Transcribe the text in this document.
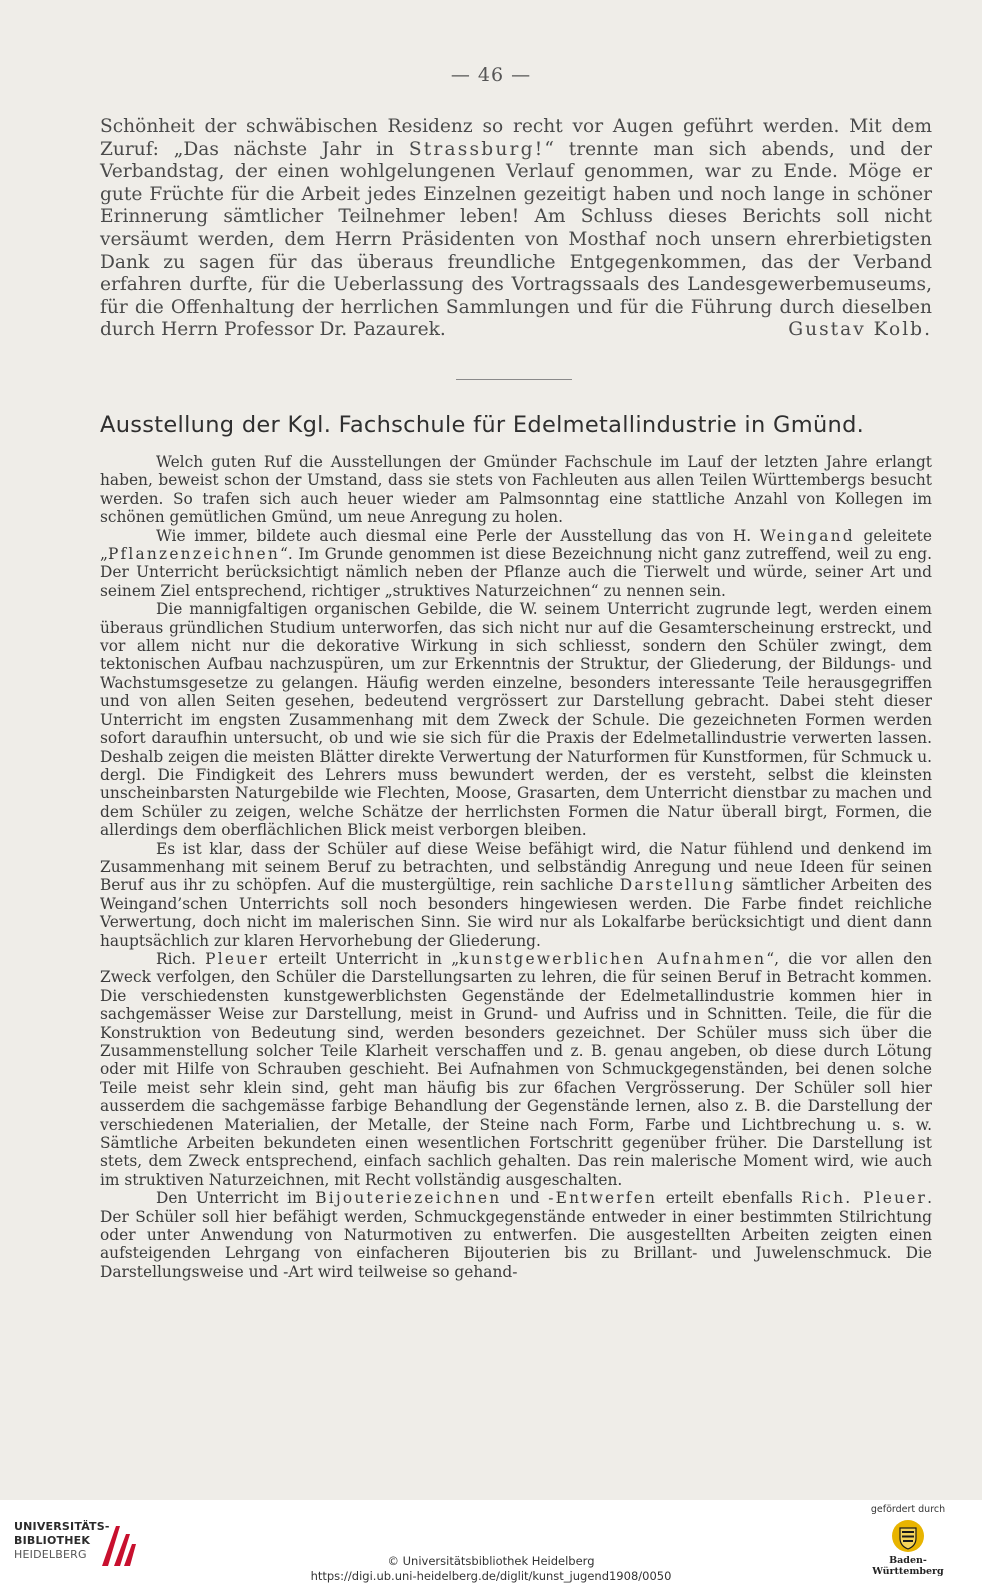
— 46 —

Schönheit der schwäbischen Residenz so recht vor Augen geführt werden. Mit dem Zuruf: „Das nächste Jahr in Strassburg!“ trennte man sich abends, und der Verbandstag, der einen wohlgelungenen Verlauf genommen, war zu Ende. Möge er gute Früchte für die Arbeit jedes Einzelnen gezeitigt haben und noch lange in schöner Erinnerung sämtlicher Teilnehmer leben! Am Schluss dieses Berichts soll nicht versäumt werden, dem Herrn Präsidenten von Mosthaf noch unsern ehrerbietigsten Dank zu sagen für das überaus freundliche Entgegenkommen, das der Verband erfahren durfte, für die Ueberlassung des Vortragssaals des Landesgewerbemuseums, für die Offenhaltung der herrlichen Sammlungen und für die Führung durch dieselben durch Herrn Professor Dr. Pazaurek.	Gustav Kolb.

Ausstellung der Kgl. Fachschule für Edelmetallindustrie in Gmünd.

Welch guten Ruf die Ausstellungen der Gmünder Fachschule im Lauf der letzten Jahre erlangt haben, beweist schon der Umstand, dass sie stets von Fachleuten aus allen Teilen Württembergs besucht werden. So trafen sich auch heuer wieder am Palmsonntag eine stattliche Anzahl von Kollegen im schönen gemütlichen Gmünd, um neue Anregung zu holen.

Wie immer, bildete auch diesmal eine Perle der Ausstellung das von H. Weingand geleitete „Pflanzenzeichnen“. Im Grunde genommen ist diese Bezeichnung nicht ganz zutreffend, weil zu eng. Der Unterricht berücksichtigt nämlich neben der Pflanze auch die Tierwelt und würde, seiner Art und seinem Ziel entsprechend, richtiger „struktives Naturzeichnen“ zu nennen sein.

Die mannigfaltigen organischen Gebilde, die W. seinem Unterricht zugrunde legt, werden einem überaus gründlichen Studium unterworfen, das sich nicht nur auf die Gesamterscheinung erstreckt, und vor allem nicht nur die dekorative Wirkung in sich schliesst, sondern den Schüler zwingt, dem tektonischen Aufbau nachzuspüren, um zur Erkenntnis der Struktur, der Gliederung, der Bildungs- und Wachstumsgesetze zu gelangen. Häufig werden einzelne, besonders interessante Teile herausgegriffen und von allen Seiten gesehen, bedeutend vergrössert zur Darstellung gebracht. Dabei steht dieser Unterricht im engsten Zusammenhang mit dem Zweck der Schule. Die gezeichneten Formen werden sofort daraufhin untersucht, ob und wie sie sich für die Praxis der Edelmetallindustrie verwerten lassen. Deshalb zeigen die meisten Blätter direkte Verwertung der Naturformen für Kunstformen, für Schmuck u. dergl. Die Findigkeit des Lehrers muss bewundert werden, der es versteht, selbst die kleinsten unscheinbarsten Naturgebilde wie Flechten, Moose, Grasarten, dem Unterricht dienstbar zu machen und dem Schüler zu zeigen, welche Schätze der herrlichsten Formen die Natur überall birgt, Formen, die allerdings dem oberflächlichen Blick meist verborgen bleiben.

Es ist klar, dass der Schüler auf diese Weise befähigt wird, die Natur fühlend und denkend im Zusammenhang mit seinem Beruf zu betrachten, und selbständig Anregung und neue Ideen für seinen Beruf aus ihr zu schöpfen. Auf die mustergültige, rein sachliche Darstellung sämtlicher Arbeiten des Weingand’schen Unterrichts soll noch besonders hingewiesen werden. Die Farbe findet reichliche Verwertung, doch nicht im malerischen Sinn. Sie wird nur als Lokalfarbe berücksichtigt und dient dann hauptsächlich zur klaren Hervorhebung der Gliederung.

Rich. Pleuer erteilt Unterricht in „kunstgewerblichen Aufnahmen“, die vor allen den Zweck verfolgen, den Schüler die Darstellungsarten zu lehren, die für seinen Beruf in Betracht kommen. Die verschiedensten kunstgewerblichsten Gegenstände der Edelmetallindustrie kommen hier in sachgemässer Weise zur Darstellung, meist in Grund- und Aufriss und in Schnitten. Teile, die für die Konstruktion von Bedeutung sind, werden besonders gezeichnet. Der Schüler muss sich über die Zusammenstellung solcher Teile Klarheit verschaffen und z. B. genau angeben, ob diese durch Lötung oder mit Hilfe von Schrauben geschieht. Bei Aufnahmen von Schmuckgegenständen, bei denen solche Teile meist sehr klein sind, geht man häufig bis zur 6fachen Vergrösserung. Der Schüler soll hier ausserdem die sachgemässe farbige Behandlung der Gegenstände lernen, also z. B. die Darstellung der verschiedenen Materialien, der Metalle, der Steine nach Form, Farbe und Lichtbrechung u. s. w. Sämtliche Arbeiten bekundeten einen wesentlichen Fortschritt gegenüber früher. Die Darstellung ist stets, dem Zweck entsprechend, einfach sachlich gehalten. Das rein malerische Moment wird, wie auch im struktiven Naturzeichnen, mit Recht vollständig ausgeschalten.

Den Unterricht im Bijouteriezeichnen und -Entwerfen erteilt ebenfalls Rich. Pleuer. Der Schüler soll hier befähigt werden, Schmuckgegenstände entweder in einer bestimmten Stilrichtung oder unter Anwendung von Naturmotiven zu entwerfen. Die ausgestellten Arbeiten zeigten einen aufsteigenden Lehrgang von einfacheren Bijouterien bis zu Brillant- und Juwelenschmuck. Die Darstellungsweise und -Art wird teilweise so gehand-

UNIVERSITÄTS-
BIBLIOTHEK
HEIDELBERG	© Universitätsbibliothek Heidelberg
https://digi.ub.uni-heidelberg.de/diglit/kunst_jugend1908/0050
gefördert durch
Baden-Württemberg
